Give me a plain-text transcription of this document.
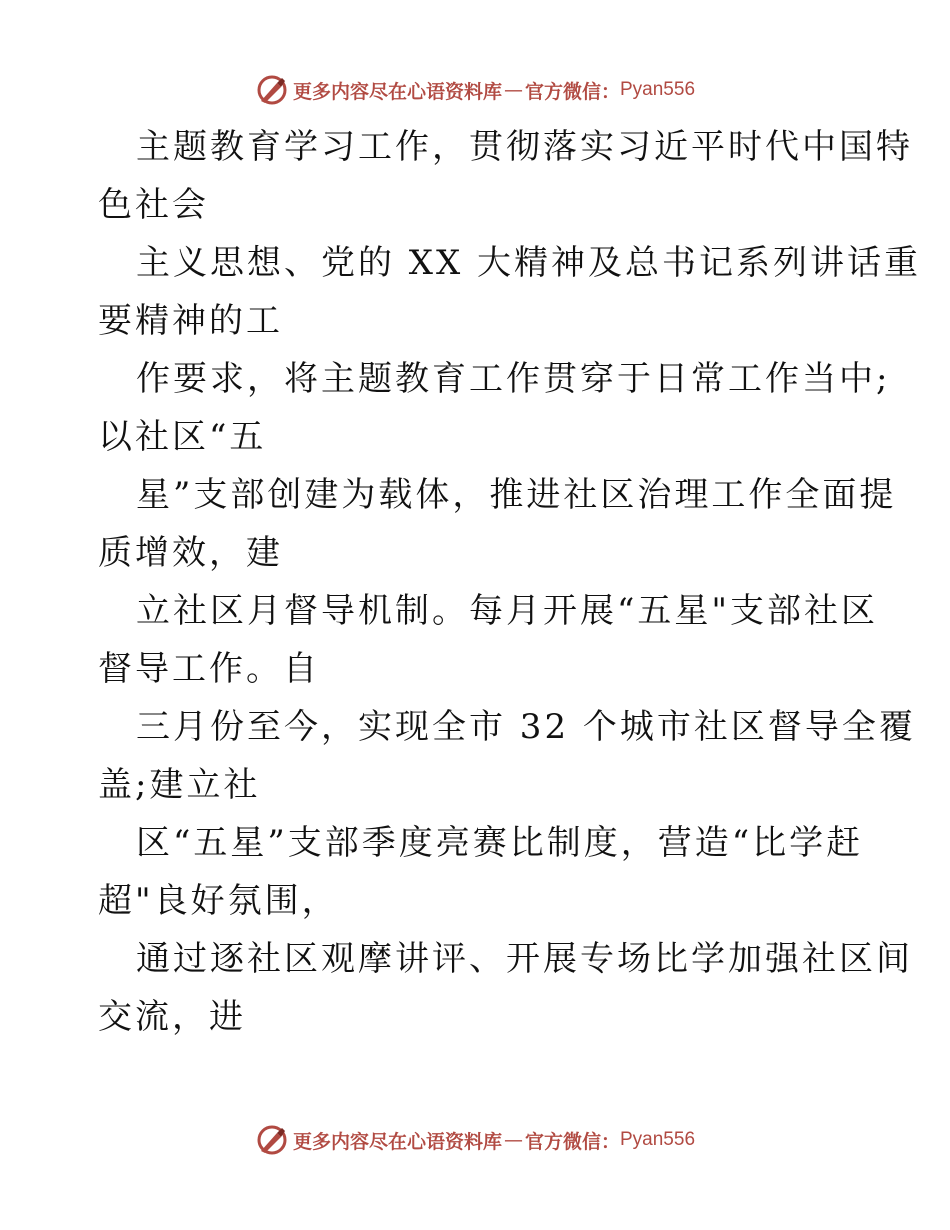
更多内容尽在心语资料库 — 官方微信： Pyan556
主题教育学习工作，贯彻落实习近平时代中国特
色社会
主义思想、党的 XX 大精神及总书记系列讲话重
要精神的工
作要求，将主题教育工作贯穿于日常工作当中;
以社区“五
星”支部创建为载体，推进社区治理工作全面提
质增效，建
立社区月督导机制。每月开展“五星"支部社区
督导工作。自
三月份至今，实现全市 32 个城市社区督导全覆
盖;建立社
区“五星”支部季度亮赛比制度，营造“比学赶
超"良好氛围，
通过逐社区观摩讲评、开展专场比学加强社区间
交流，进
更多内容尽在心语资料库 — 官方微信： Pyan556
